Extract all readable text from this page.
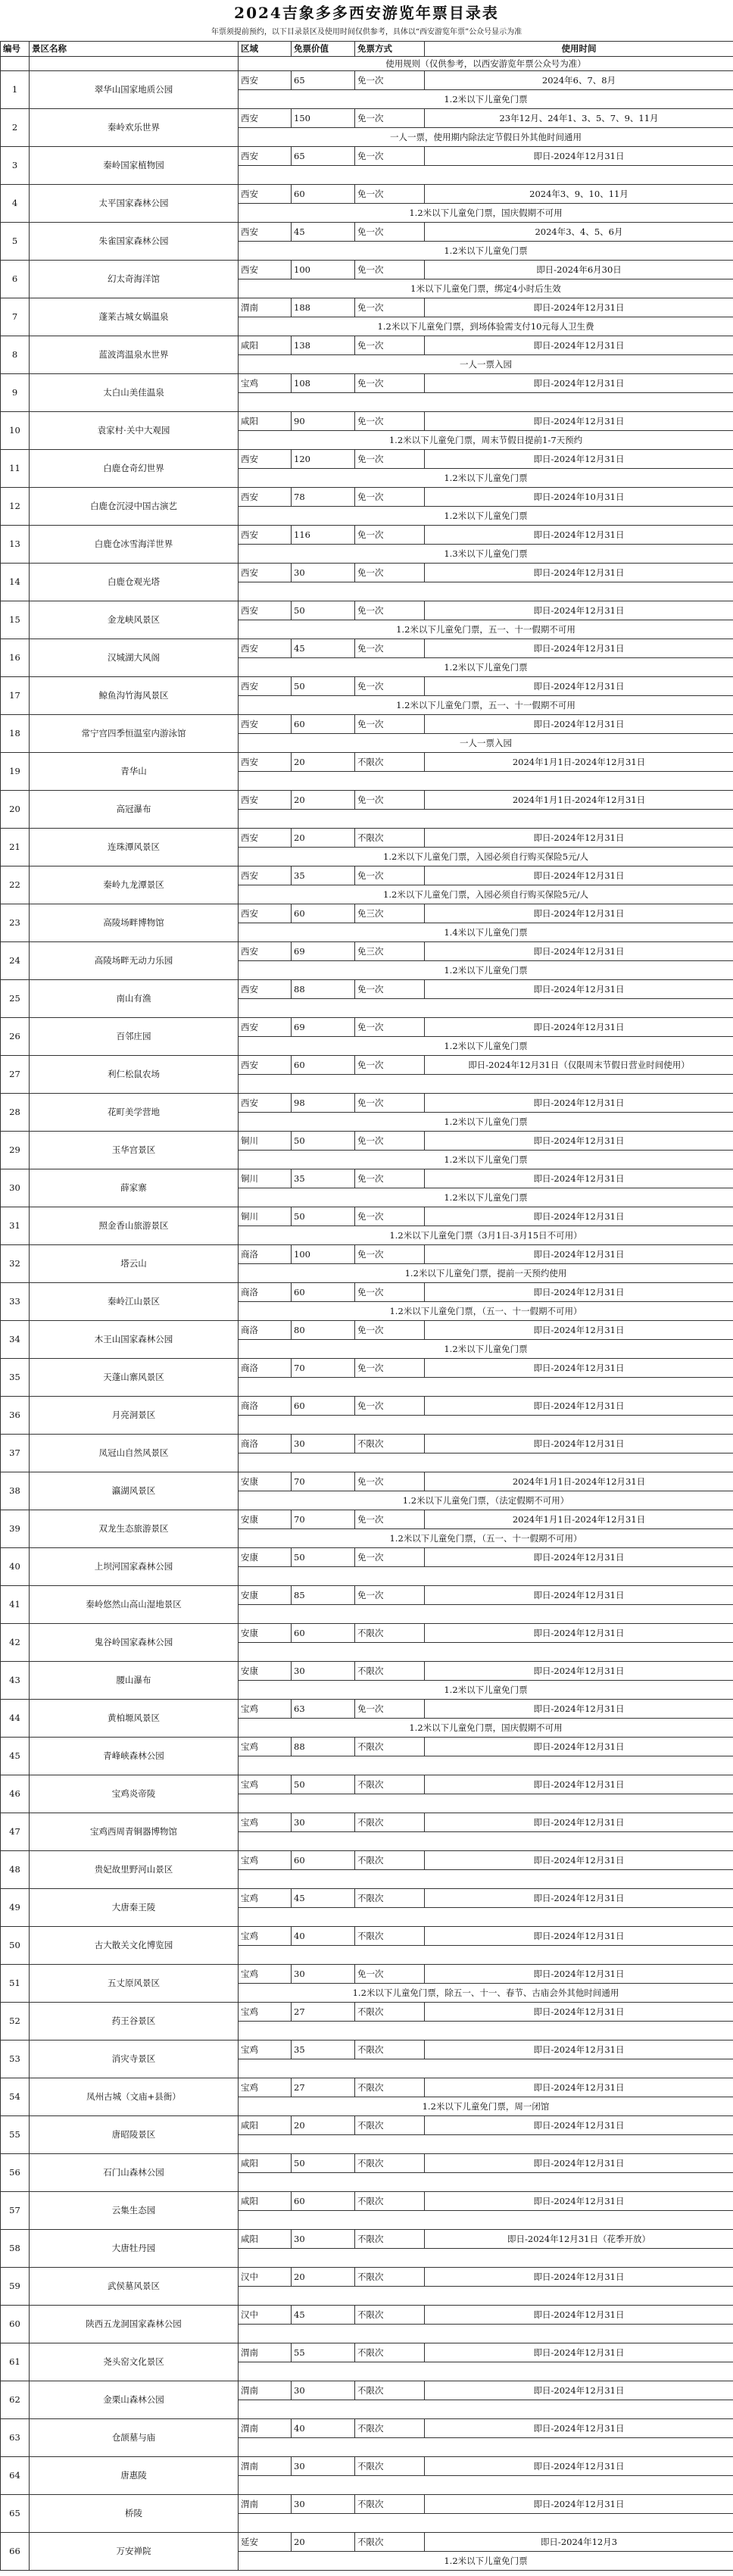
2024吉象多多西安游览年票目录表
年票须提前预约，以下目录景区及使用时间仅供参考，具体以“西安游览年票”公众号显示为准
编号	景区名称	区域	免票价值	免票方式	使用时间
		使用规则（仅供参考，以西安游览年票公众号为准）			
1	翠华山国家地质公园	西安	65	免一次	2024年6、7、8月
		1.2米以下儿童免门票			
2	秦岭欢乐世界	西安	150	免一次	23年12月、24年1、3、5、7、9、11月
		一人一票，使用期内除法定节假日外其他时间通用			
3	秦岭国家植物园	西安	65	免一次	即日-2024年12月31日

4	太平国家森林公园	西安	60	免一次	2024年3、9、10、11月
		1.2米以下儿童免门票，国庆假期不可用			
5	朱雀国家森林公园	西安	45	免一次	2024年3、4、5、6月
		1.2米以下儿童免门票			
6	幻太奇海洋馆	西安	100	免一次	即日-2024年6月30日
		1米以下儿童免门票，绑定4小时后生效			
7	蓬莱古城女娲温泉	渭南	188	免一次	即日-2024年12月31日
		1.2米以下儿童免门票，到场体验需支付10元每人卫生费			
8	蓝波湾温泉水世界	咸阳	138	免一次	即日-2024年12月31日
		一人一票入园			
9	太白山美佳温泉	宝鸡	108	免一次	即日-2024年12月31日

10	袁家村·关中大观园	咸阳	90	免一次	即日-2024年12月31日
		1.2米以下儿童免门票，周末节假日提前1-7天预约			
11	白鹿仓奇幻世界	西安	120	免一次	即日-2024年12月31日
		1.2米以下儿童免门票			
12	白鹿仓沉浸中国古演艺	西安	78	免一次	即日-2024年10月31日
		1.2米以下儿童免门票			
13	白鹿仓冰雪海洋世界	西安	116	免一次	即日-2024年12月31日
		1.3米以下儿童免门票			
14	白鹿仓观光塔	西安	30	免一次	即日-2024年12月31日

15	金龙峡风景区	西安	50	免一次	即日-2024年12月31日
		1.2米以下儿童免门票，五一、十一假期不可用			
16	汉城湖大风阁	西安	45	免一次	即日-2024年12月31日
		1.2米以下儿童免门票			
17	鲸鱼沟竹海风景区	西安	50	免一次	即日-2024年12月31日
		1.2米以下儿童免门票，五一、十一假期不可用			
18	常宁宫四季恒温室内游泳馆	西安	60	免一次	即日-2024年12月31日
		一人一票入园			
19	青华山	西安	20	不限次	2024年1月1日-2024年12月31日

20	高冠瀑布	西安	20	免一次	2024年1月1日-2024年12月31日

21	连珠潭风景区	西安	20	不限次	即日-2024年12月31日
		1.2米以下儿童免门票，入园必须自行购买保险5元/人			
22	秦岭九龙潭景区	西安	35	免一次	即日-2024年12月31日
		1.2米以下儿童免门票，入园必须自行购买保险5元/人			
23	高陵场畔博物馆	西安	60	免三次	即日-2024年12月31日
		1.4米以下儿童免门票			
24	高陵场畔无动力乐园	西安	69	免三次	即日-2024年12月31日
		1.2米以下儿童免门票			
25	南山有渔	西安	88	免一次	即日-2024年12月31日

26	百邻庄园	西安	69	免一次	即日-2024年12月31日
		1.2米以下儿童免门票			
27	利仁松鼠农场	西安	60	免一次	即日-2024年12月31日（仅限周末节假日营业时间使用）

28	花町美学营地	西安	98	免一次	即日-2024年12月31日
		1.2米以下儿童免门票			
29	玉华宫景区	铜川	50	免一次	即日-2024年12月31日
		1.2米以下儿童免门票			
30	薛家寨	铜川	35	免一次	即日-2024年12月31日
		1.2米以下儿童免门票			
31	照金香山旅游景区	铜川	50	免一次	即日-2024年12月31日
		1.2米以下儿童免门票（3月1日-3月15日不可用）			
32	塔云山	商洛	100	免一次	即日-2024年12月31日
		1.2米以下儿童免门票，提前一天预约使用			
33	秦岭江山景区	商洛	60	免一次	即日-2024年12月31日
		1.2米以下儿童免门票，（五一、十一假期不可用）			
34	木王山国家森林公园	商洛	80	免一次	即日-2024年12月31日
		1.2米以下儿童免门票			
35	天蓬山寨风景区	商洛	70	免一次	即日-2024年12月31日

36	月亮洞景区	商洛	60	免一次	即日-2024年12月31日

37	凤冠山自然风景区	商洛	30	不限次	即日-2024年12月31日

38	瀛湖风景区	安康	70	免一次	2024年1月1日-2024年12月31日
		1.2米以下儿童免门票，（法定假期不可用）			
39	双龙生态旅游景区	安康	70	免一次	2024年1月1日-2024年12月31日
		1.2米以下儿童免门票，（五一、十一假期不可用）			
40	上坝河国家森林公园	安康	50	免一次	即日-2024年12月31日

41	秦岭悠然山高山湿地景区	安康	85	免一次	即日-2024年12月31日

42	鬼谷岭国家森林公园	安康	60	不限次	即日-2024年12月31日

43	腰山瀑布	安康	30	不限次	即日-2024年12月31日
		1.2米以下儿童免门票			
44	黄柏塬风景区	宝鸡	63	免一次	即日-2024年12月31日
		1.2米以下儿童免门票，国庆假期不可用			
45	青峰峡森林公园	宝鸡	88	不限次	即日-2024年12月31日

46	宝鸡炎帝陵	宝鸡	50	不限次	即日-2024年12月31日

47	宝鸡西周青铜器博物馆	宝鸡	30	不限次	即日-2024年12月31日

48	贵妃故里野河山景区	宝鸡	60	不限次	即日-2024年12月31日

49	大唐秦王陵	宝鸡	45	不限次	即日-2024年12月31日

50	古大散关文化博览园	宝鸡	40	不限次	即日-2024年12月31日

51	五丈原风景区	宝鸡	30	免一次	即日-2024年12月31日
		1.2米以下儿童免门票，除五一、十一、春节、古庙会外其他时间通用			
52	药王谷景区	宝鸡	27	不限次	即日-2024年12月31日

53	消灾寺景区	宝鸡	35	不限次	即日-2024年12月31日

54	凤州古城（文庙+县衙）	宝鸡	27	不限次	即日-2024年12月31日
		1.2米以下儿童免门票，周一闭馆			
55	唐昭陵景区	咸阳	20	不限次	即日-2024年12月31日

56	石门山森林公园	咸阳	50	不限次	即日-2024年12月31日

57	云集生态园	咸阳	60	不限次	即日-2024年12月31日

58	大唐牡丹园	咸阳	30	不限次	即日-2024年12月31日（花季开放）

59	武侯墓风景区	汉中	20	不限次	即日-2024年12月31日

60	陕西五龙洞国家森林公园	汉中	45	不限次	即日-2024年12月31日

61	尧头窑文化景区	渭南	55	不限次	即日-2024年12月31日

62	金栗山森林公园	渭南	30	不限次	即日-2024年12月31日

63	仓颉墓与庙	渭南	40	不限次	即日-2024年12月31日

64	唐惠陵	渭南	30	不限次	即日-2024年12月31日

65	桥陵	渭南	30	不限次	即日-2024年12月31日

66	万安禅院	延安	20	不限次	即日-2024年12月3
		1.2米以下儿童免门票			
